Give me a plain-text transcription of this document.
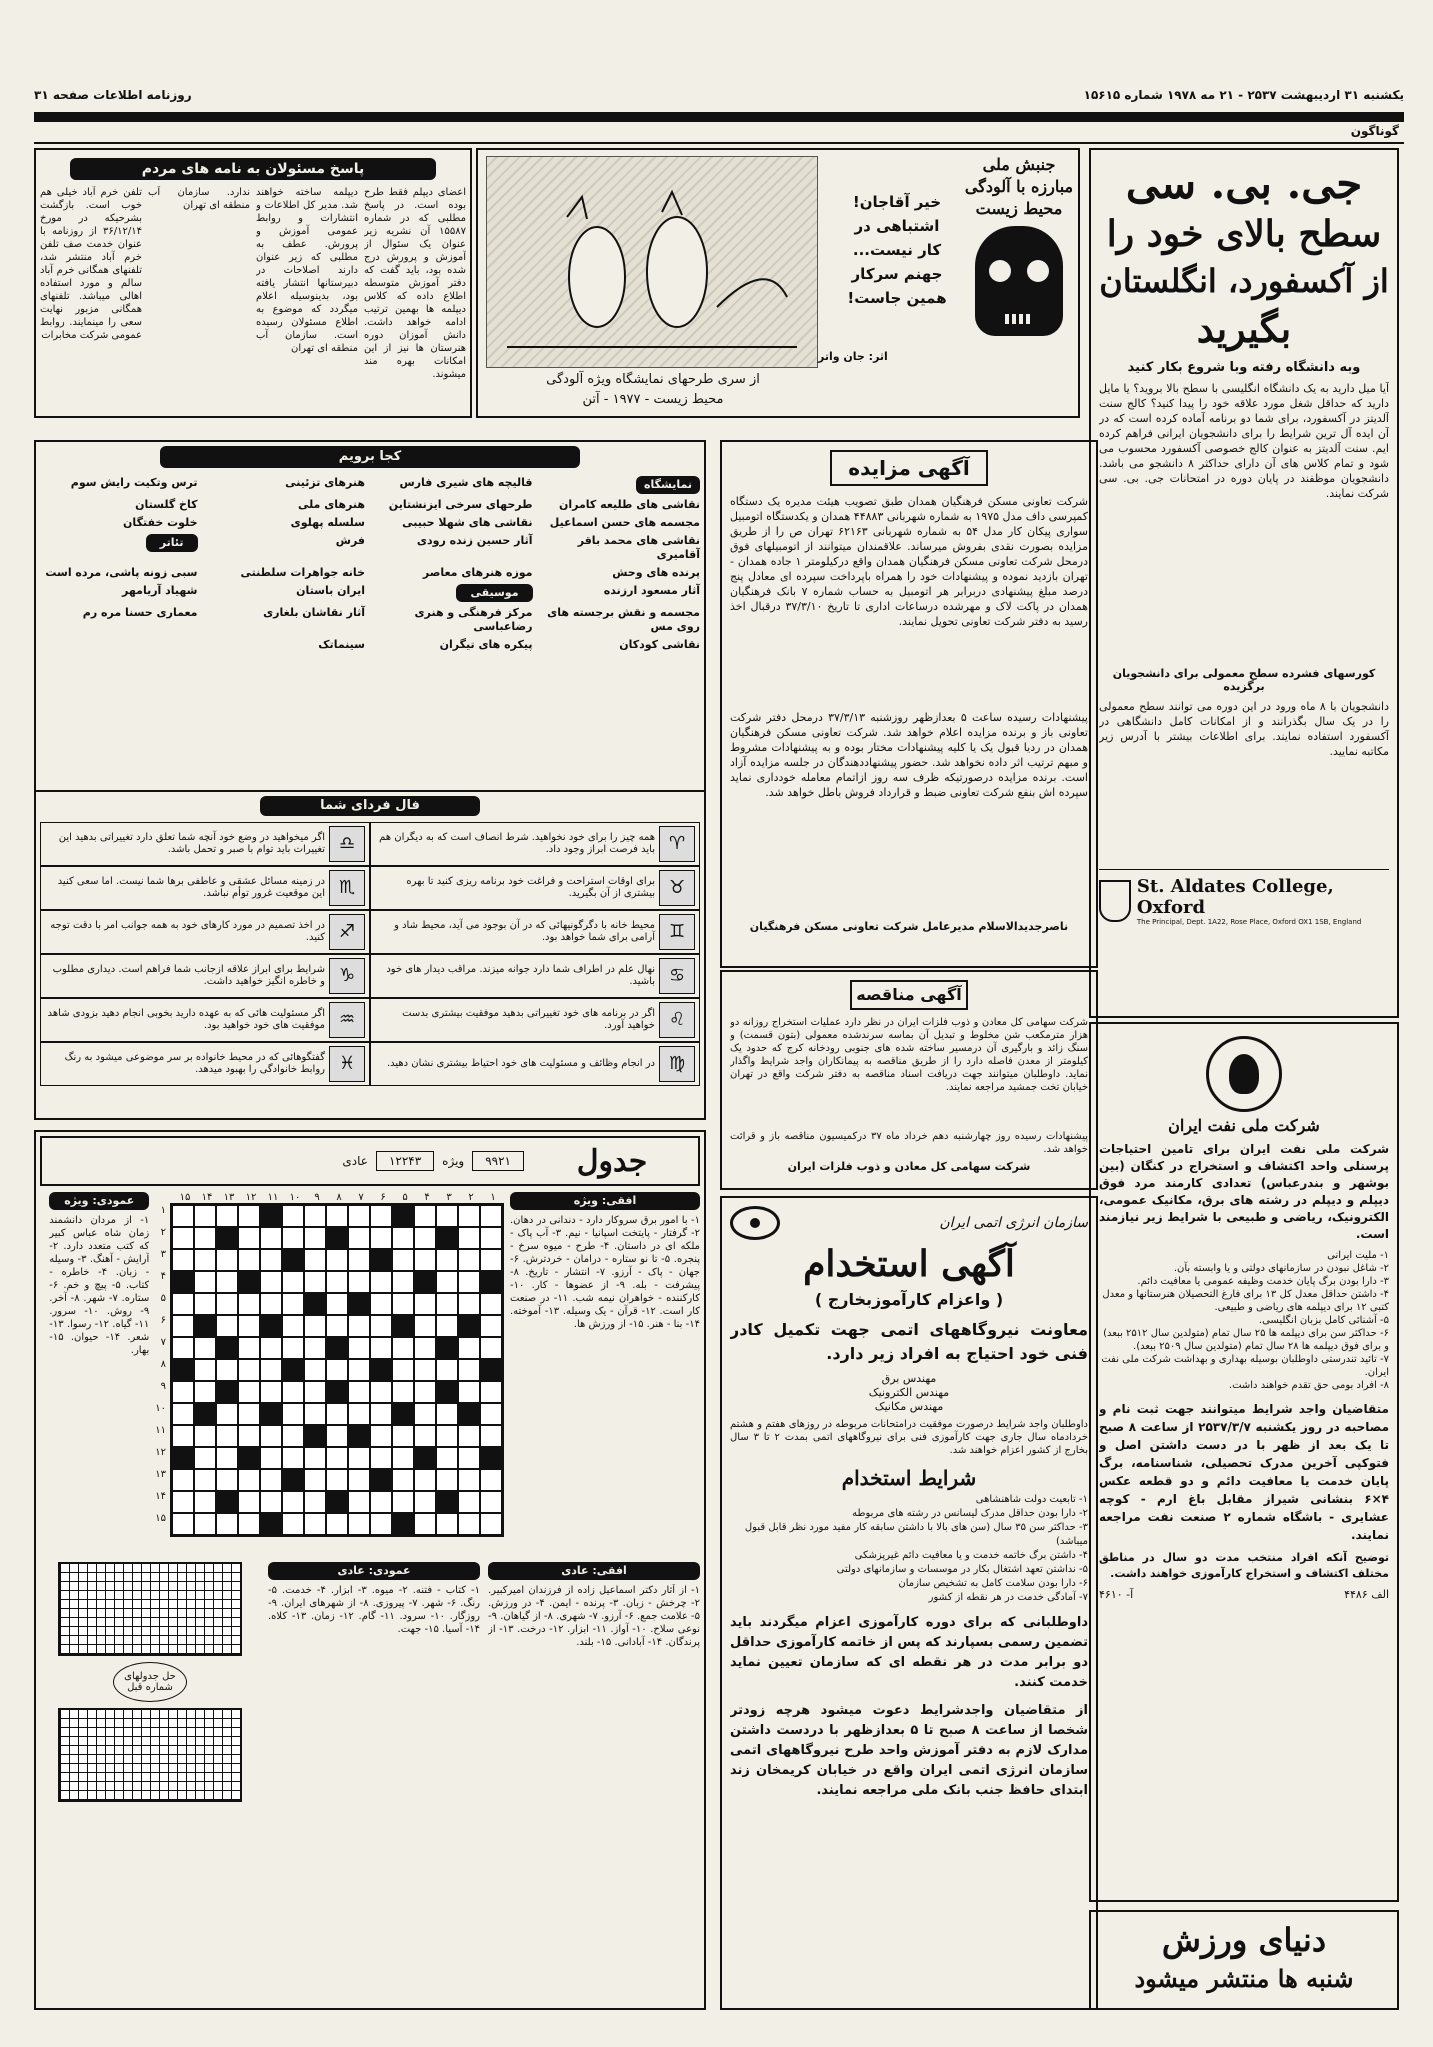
یکشنبه ۳۱ اردیبهشت ۲۵۳۷ - ۲۱ مه ۱۹۷۸ شماره ۱۵۶۱۵
روزنامه اطلاعات صفحه ۳۱
گوناگون
جی. بی. سی
سطح بالای خود را
از آکسفورد، انگلستان
بگیرید
وبه دانشگاه رفته وبا شروع بکار کنید
آیا میل دارید به یک دانشگاه انگلیسی با سطح بالا بروید؟ یا مایل دارید که حداقل شغل مورد علاقه خود را پیدا کنید؟ کالج سنت آلدیتز در آکسفورد، برای شما دو برنامه آماده کرده است که در آن ایده آل ترین شرایط را برای دانشجویان ایرانی فراهم کرده ایم. سنت آلدیتز به عنوان کالج خصوصی آکسفورد محسوب می شود و تمام کلاس های آن دارای حداکثر ۸ دانشجو می باشد. دانشجویان موظفند در پایان دوره در امتحانات جی. بی. سی شرکت نمایند.
کورسهای فشرده سطح معمولی برای دانشجویان برگزیده
دانشجویان با ۸ ماه ورود در این دوره می توانند سطح معمولی را در یک سال بگذرانند و از امکانات کامل دانشگاهی در آکسفورد استفاده نمایند. برای اطلاعات بیشتر با آدرس زیر مکاتبه نمایید.
St. Aldates College, Oxford
The Principal, Dept. 1A22, Rose Place, Oxford OX1 1SB, England
جنبش ملی مبارزه با آلودگی محیط زیست
خیر آقاجان! اشتباهی در کار نیست... جهنم سرکار همین جاست!
اثر: جان واتر
از سری طرحهای نمایشگاه ویژه آلودگی
محیط زیست - ۱۹۷۷ - آتن
پاسخ مسئولان به نامه های مردم
اعضای دیپلم فقط طرح بوده است. در پاسخ مطلبی که در شماره ۱۵۵۸۷ آن نشریه زیر عنوان یک سئوال از آموزش و پرورش درج شده بود، باید گفت که دفتر آموزش متوسطه اطلاع داده که کلاس دیپلمه ها بهمین ترتیب ادامه خواهد داشت. دانش آموزان دوره هنرستان ها نیز از این امکانات بهره مند میشوند.
دیپلمه ساخته خواهند شد. مدیر کل اطلاعات و انتشارات و روابط عمومی آموزش و پرورش. عطف به مطلبی که زیر عنوان دارند اصلاحات در دبیرستانها انتشار یافته بود، بدینوسیله اعلام میگردد که موضوع به اطلاع مسئولان رسیده است. سازمان آب منطقه ای تهران
ندارد. سازمان آب منطقه ای تهران
تلفن خرم آباد خیلی هم خوب است. بازگشت بشرحیکه در مورخ ۳۶/۱۲/۱۴ از روزنامه با عنوان خدمت صف تلفن خرم آباد منتشر شد، تلفنهای همگانی خرم آباد سالم و مورد استفاده اهالی میباشد. تلفنهای همگانی مزبور نهایت سعی را مینمایند. روابط عمومی شرکت مخابرات
کجا برویم
نمایشگاه
قالیچه های شیری فارس
هنرهای تزئینی
ترس وتکیت رایش سوم
نقاشی های طلیعه کامران
طرحهای سرخی ایزنشتاین
هنرهای ملی
کاخ گلستان
مجسمه های حسن اسماعیل
نقاشی های شهلا حبیبی
سلسله پهلوی
خلوت خفتگان
نقاشی های محمد باقر آقامیری
آثار حسین زنده رودی
فرش
تئاتر
پرنده های وحش
موزه هنرهای معاصر
خانه جواهرات سلطنتی
سبی زونه پاشی، مرده است
آثار مسعود ارزنده
موسیقی
ایران باستان
شهیاد آریامهر
مجسمه و نقش برجسته های روی مس
مرکز فرهنگی و هنری رضاعباسی
آثار نقاشان بلغاری
معماری حسنا مره رم
نقاشی کودکان
پیکره های تیگران
سینماتک
فال فردای شما
♈
همه چیز را برای خود نخواهید. شرط انصاف است که به دیگران هم باید فرصت ابراز وجود داد.
♎
اگر میخواهید در وضع خود آنچه شما تعلق دارد تغییراتی بدهید این تغییرات باید توام با صبر و تحمل باشد.
♉
برای اوقات استراحت و فراغت خود برنامه ریزی کنید تا بهره بیشتری از آن بگیرید.
♏
در زمینه مسائل عشقی و عاطفی برها شما نیست. اما سعی کنید این موقعیت غرور توأم نباشد.
♊
محیط خانه با دگرگونیهائی که در آن بوجود می آید، محیط شاد و آرامی برای شما خواهد بود.
♐
در اخذ تصمیم در مورد کارهای خود به همه جوانب امر با دقت توجه کنید.
♋
نهال علم در اطراف شما دارد جوانه میزند. مراقب دیدار های خود باشید.
♑
شرایط برای ابراز علاقه ازجانب شما فراهم است. دیداری مطلوب و خاطره انگیز خواهید داشت.
♌
اگر در برنامه های خود تغییراتی بدهید موفقیت بیشتری بدست خواهید آورد.
♒
اگر مسئولیت هائی که به عهده دارید بخوبی انجام دهید بزودی شاهد موفقیت های خود خواهید بود.
♍
در انجام وظائف و مسئولیت های خود احتیاط بیشتری نشان دهید.
♓
گفتگوهائی که در محیط خانواده بر سر موضوعی میشود به رنگ روابط خانوادگی را بهبود میدهد.
آگهی مزایده
شرکت تعاونی مسکن فرهنگیان همدان طبق تصویب هیئت مدیره یک دستگاه کمپرسی داف مدل ۱۹۷۵ به شماره شهربانی ۴۴۸۸۳ همدان و یکدستگاه اتومبیل سواری پیکان کار مدل ۵۴ به شماره شهربانی ۶۲۱۶۳ تهران ص را از طریق مزایده بصورت نقدی بفروش میرساند. علاقمندان میتوانند از اتومبیلهای فوق درمحل شرکت تعاونی مسکن فرهنگیان همدان واقع درکیلومتر ۱ جاده همدان - تهران بازدید نموده و پیشنهادات خود را همراه باپرداخت سپرده ای معادل پنج درصد مبلغ پیشنهادی دربرابر هر اتومبیل به حساب شماره ۷ بانک فرهنگیان همدان در پاکت لاک و مهرشده درساعات اداری تا تاریخ ۳۷/۳/۱۰ درقبال اخذ رسید به دفتر شرکت تعاونی تحویل نمایند.
پیشنهادات رسیده ساعت ۵ بعدازظهر روزشنبه ۳۷/۳/۱۳ درمحل دفتر شرکت تعاونی باز و برنده مزایده اعلام خواهد شد. شرکت تعاونی مسکن فرهنگیان همدان در ردیا قبول یک یا کلیه پیشنهادات مختار بوده و به پیشنهادات مشروط و مبهم ترتیب اثر داده نخواهد شد. حضور پیشنهاددهندگان در جلسه مزایده آزاد است. برنده مزایده درصورتیکه ظرف سه روز ازاتمام معامله خودداری نماید سپرده اش بنفع شرکت تعاونی ضبط و قرارداد فروش باطل خواهد شد.
ناصرجدیدالاسلام مدیرعامل شرکت تعاونی مسکن فرهنگیان
آگهی مناقصه
شرکت سهامی کل معادن و ذوب فلزات ایران در نظر دارد عملیات استخراج روزانه دو هزار مترمکعب شن مخلوط و تبدیل آن بماسه سرندشده معمولی (بتون قسمت) و سنگ زائد و بارگیری آن درمسیر ساخته شده های جنوبی رودخانه کرج که حدود یک کیلومتر از معدن فاصله دارد را از طریق مناقصه به پیمانکاران واجد شرایط واگذار نماید. داوطلبان میتوانند جهت دریافت اسناد مناقصه به دفتر شرکت واقع در تهران خیابان تخت جمشید مراجعه نمایند.
پیشنهادات رسیده روز چهارشنبه دهم خرداد ماه ۳۷ درکمیسیون مناقصه باز و قرائت خواهد شد.
شرکت سهامی کل معادن و ذوب فلزات ایران
شرکت ملی نفت ایران
شرکت ملی نفت ایران برای تامین احتیاجات پرسنلی واحد اکتشاف و استخراج در کنگان (بین بوشهر و بندرعباس) تعدادی کارمند مرد فوق دیپلم و دیپلم در رشته های برق، مکانیک عمومی، الکترونیک، ریاضی و طبیعی با شرایط زیر نیازمند است.
۱- ملیت ایرانی
۲- شاغل نبودن در سازمانهای دولتی و یا وابسته بآن.
۳- دارا بودن برگ پایان خدمت وظیفه عمومی یا معافیت دائم.
۴- داشتن حداقل معدل کل ۱۳ برای فارغ التحصیلان هنرستانها و معدل کتبی ۱۲ برای دیپلمه های ریاضی و طبیعی.
۵- آشنائی کامل بزبان انگلیسی.
۶- حداکثر سن برای دیپلمه ها ۲۵ سال تمام (متولدین سال ۲۵۱۲ ببعد) و برای فوق دیپلمه ها ۲۸ سال تمام (متولدین سال ۲۵۰۹ ببعد).
۷- تائید تندرستی داوطلبان بوسیله بهداری و بهداشت شرکت ملی نفت ایران.
۸- افراد بومی حق تقدم خواهند داشت.
متقاضیان واجد شرایط میتوانند جهت ثبت نام و مصاحبه در روز یکشنبه ۲۵۳۷/۳/۷ از ساعت ۸ صبح تا یک بعد از ظهر با در دست داشتن اصل و فتوکپی آخرین مدرک تحصیلی، شناسنامه، برگ پایان خدمت یا معافیت دائم و دو قطعه عکس ۴×۶ بنشانی شیراز مقابل باغ ارم - کوچه عشایری - باشگاه شماره ۲ صنعت نفت مراجعه نمایند.
توضیح آنکه افراد منتخب مدت دو سال در مناطق مختلف اکتشاف و استخراج کارآموزی خواهند داشت.
الف ۴۴۸۶
آ- ۴۶۱۰
دنیای ورزش
شنبه ها منتشر میشود
سازمان انرژی اتمی ایران
آگهی استخدام
( واعزام کارآموزبخارج )
معاونت نیروگاههای اتمی جهت تکمیل کادر فنی خود احتیاج به افراد زیر دارد.
مهندس برق
مهندس الکترونیک
مهندس مکانیک
داوطلبان واجد شرایط درصورت موفقیت درامتحانات مربوطه در روزهای هفتم و هشتم خردادماه سال جاری جهت کارآموزی فنی برای نیروگاههای اتمی بمدت ۲ تا ۳ سال بخارج از کشور اعزام خواهند شد.
شرایط استخدام
۱- تابعیت دولت شاهنشاهی
۲- دارا بودن حداقل مدرک لیسانس در رشته های مربوطه
۳- حداکثر سن ۳۵ سال (سن های بالا با داشتن سابقه کار مفید مورد نظر قابل قبول میباشد)
۴- داشتن برگ خاتمه خدمت و یا معافیت دائم غیرپزشکی
۵- نداشتن تعهد اشتغال بکار در موسسات و سازمانهای دولتی
۶- دارا بودن سلامت کامل به تشخیص سازمان
۷- آمادگی خدمت در هر نقطه از کشور
داوطلبانی که برای دوره کارآموزی اعزام میگردند باید تضمین رسمی بسپارند که پس از خاتمه کارآموزی حداقل دو برابر مدت در هر نقطه ای که سازمان تعیین نماید خدمت کنند.
از متقاضیان واجدشرایط دعوت میشود هرچه زودتر شخصا از ساعت ۸ صبح تا ۵ بعدازظهر با دردست داشتن مدارک لازم به دفتر آموزش واحد طرح نیروگاههای اتمی سازمان انرژی اتمی ایران واقع در خیابان کریمخان زند ابتدای حافظ جنب بانک ملی مراجعه نمایند.
جدول
۹۹۲۱
ویژه
۱۲۲۴۳
عادی
افقی: ویژه
۱- با امور برق سروکار دارد - دندانی در دهان. ۲- گرفتار - پایتخت اسپانیا - نیم. ۳- آب پاک - ملکه ای در داستان. ۴- طرح - میوه سرخ - پنجره. ۵- تا نو ستاره - درامان - خردترش. ۶- جهان - پاک - آرزو. ۷- انتشار - تاریخ. ۸- پیشرفت - بله. ۹- از عضوها - کار. ۱۰- کارکننده - خواهران نیمه شب. ۱۱- در صنعت کار است. ۱۲- قرآن - یک وسیله. ۱۳- آموخته. ۱۴- بنا - هنر. ۱۵- از ورزش ها.
۱
۲
۳
۴
۵
۶
۷
۸
۹
۱۰
۱۱
۱۲
۱۳
۱۴
۱۵
۱
۲
۳
۴
۵
۶
۷
۸
۹
۱۰
۱۱
۱۲
۱۳
۱۴
۱۵
عمودی: ویژه
۱- از مردان دانشمند زمان شاه عباس کبیر که کتب متعدد دارد. ۲- آرایش - آهنگ. ۳- وسیله - زبان. ۴- خاطره - کتاب. ۵- پیچ و خم. ۶- ستاره. ۷- شهر. ۸- آخر. ۹- روش. ۱۰- سرور. ۱۱- گیاه. ۱۲- رسوا. ۱۳- شعر. ۱۴- حیوان. ۱۵- بهار.
افقی: عادی
۱- از آثار دکتر اسماعیل زاده از فرزندان امیرکبیر. ۲- چرخش - زبان. ۳- پرنده - ایمن. ۴- در ورزش. ۵- علامت جمع. ۶- آرزو. ۷- شهری. ۸- از گیاهان. ۹- نوعی سلاح. ۱۰- آواز. ۱۱- ابزار. ۱۲- درخت. ۱۳- از پرندگان. ۱۴- آبادانی. ۱۵- بلند.
عمودی: عادی
۱- کتاب - فتنه. ۲- میوه. ۳- ابزار. ۴- خدمت. ۵- رنگ. ۶- شهر. ۷- پیروزی. ۸- از شهرهای ایران. ۹- روزگار. ۱۰- سرود. ۱۱- گام. ۱۲- زمان. ۱۳- کلاه. ۱۴- آسیا. ۱۵- جهت.
حل جدولهای شماره قبل
